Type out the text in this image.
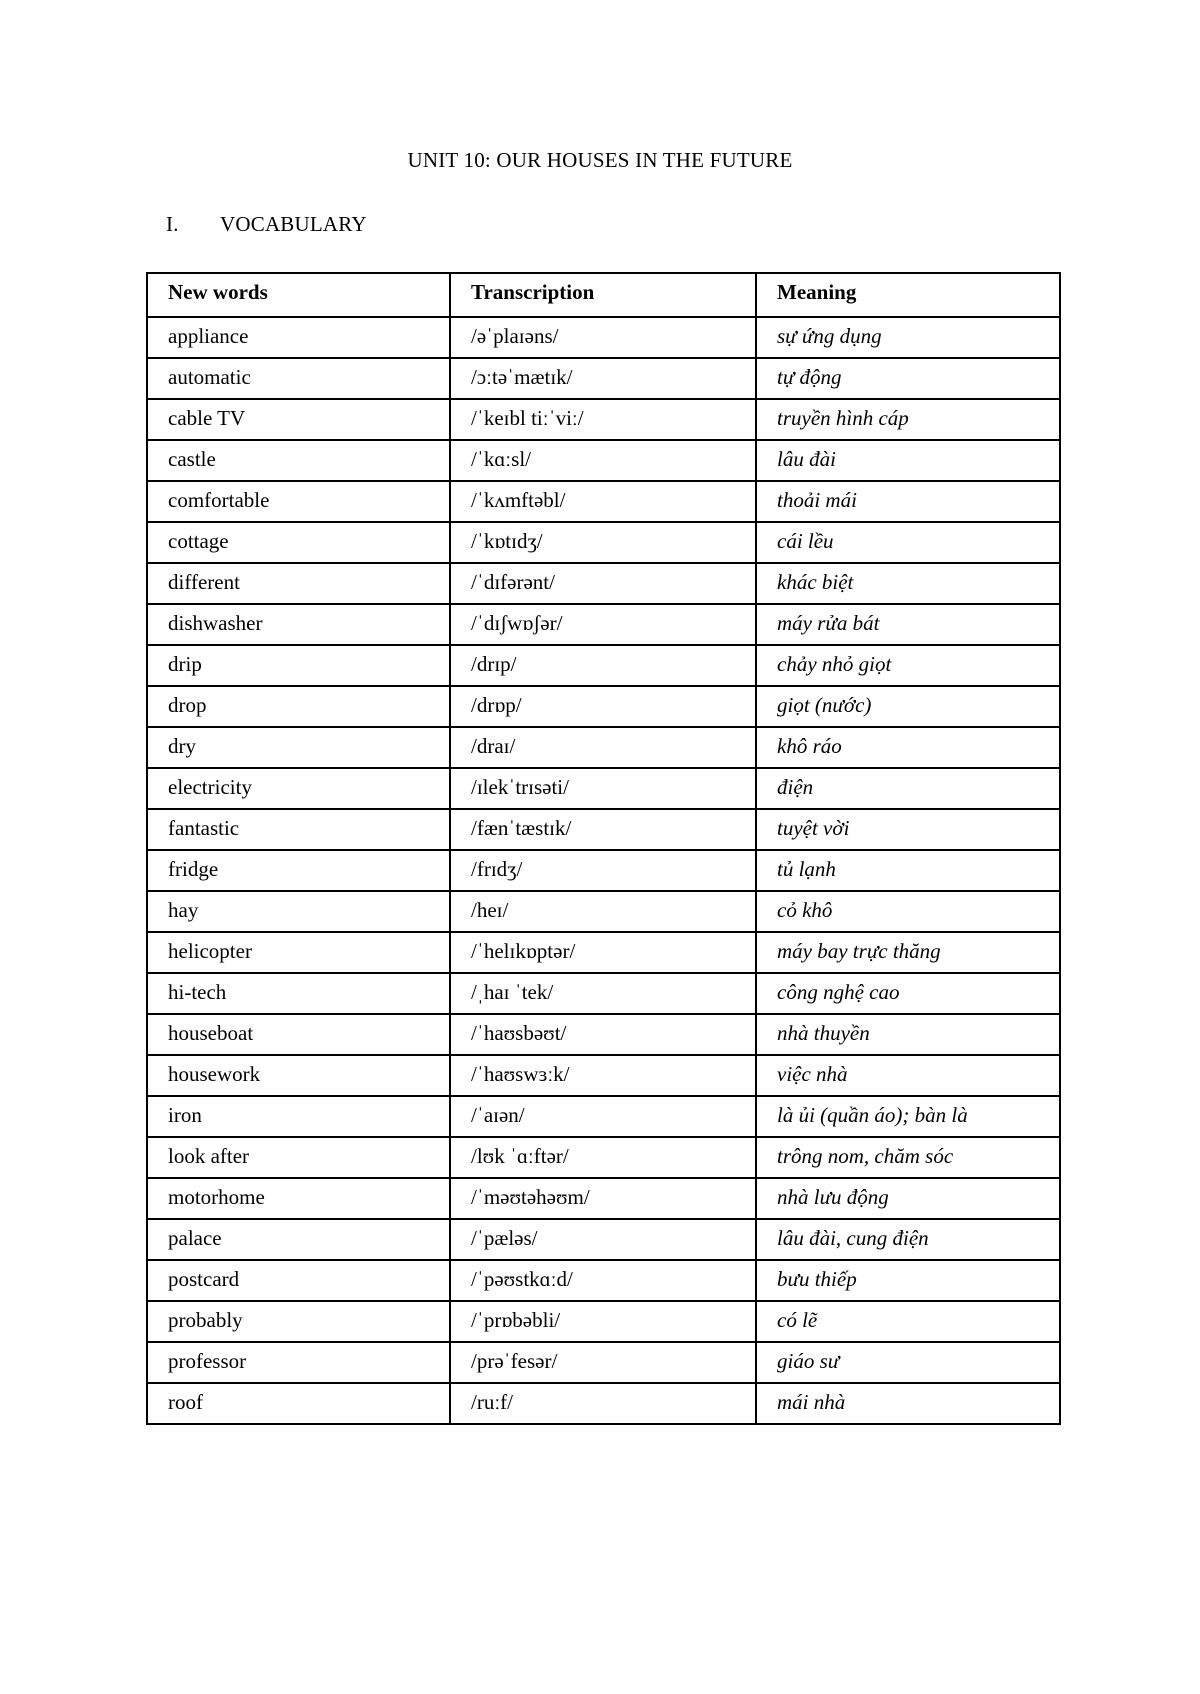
UNIT 10: OUR HOUSES IN THE FUTURE
I. VOCABULARY
New words	Transcription	Meaning
appliance	/əˈplaɪəns/	sự ứng dụng
automatic	/ɔːtəˈmætɪk/	tự động
cable TV	/ˈkeɪbl tiːˈviː/	truyền hình cáp
castle	/ˈkɑːsl/	lâu đài
comfortable	/ˈkʌmftəbl/	thoải mái
cottage	/ˈkɒtɪdʒ/	cái lều
different	/ˈdɪfərənt/	khác biệt
dishwasher	/ˈdɪʃwɒʃər/	máy rửa bát
drip	/drɪp/	chảy nhỏ giọt
drop	/drɒp/	giọt (nước)
dry	/draɪ/	khô ráo
electricity	/ɪlekˈtrɪsəti/	điện
fantastic	/fænˈtæstɪk/	tuyệt vời
fridge	/frɪdʒ/	tủ lạnh
hay	/heɪ/	cỏ khô
helicopter	/ˈhelɪkɒptər/	máy bay trực thăng
hi-tech	/ˌhaɪ ˈtek/	công nghệ cao
houseboat	/ˈhaʊsbəʊt/	nhà thuyền
housework	/ˈhaʊswɜːk/	việc nhà
iron	/ˈaɪən/	là ủi (quần áo); bàn là
look after	/lʊk ˈɑːftər/	trông nom, chăm sóc
motorhome	/ˈməʊtəhəʊm/	nhà lưu động
palace	/ˈpæləs/	lâu đài, cung điện
postcard	/ˈpəʊstkɑːd/	bưu thiếp
probably	/ˈprɒbəbli/	có lẽ
professor	/prəˈfesər/	giáo sư
roof	/ruːf/	mái nhà
